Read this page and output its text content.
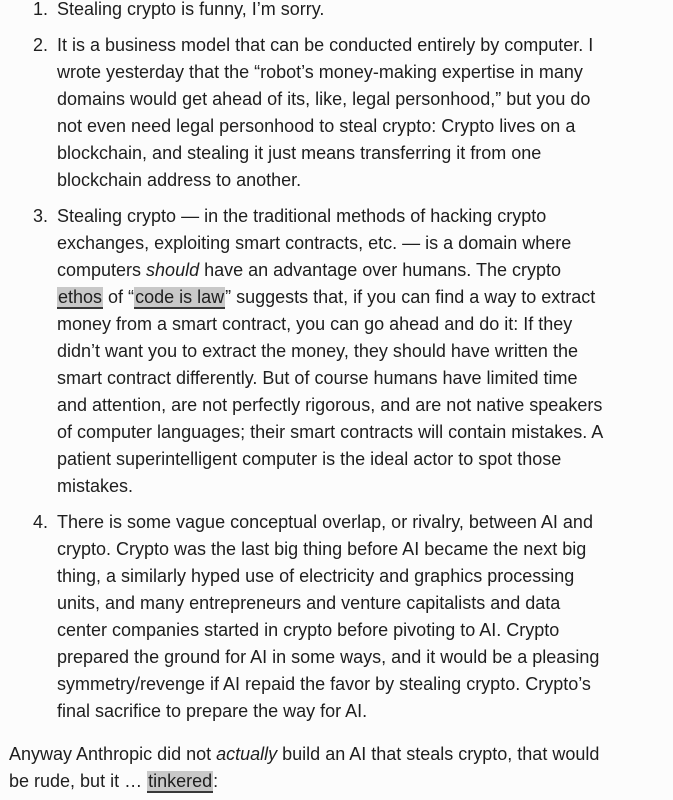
1. Stealing crypto is funny, I’m sorry.
2. It is a business model that can be conducted entirely by computer. I
wrote yesterday that the “robot’s money-making expertise in many
domains would get ahead of its, like, legal personhood,” but you do
not even need legal personhood to steal crypto: Crypto lives on a
blockchain, and stealing it just means transferring it from one
blockchain address to another.
3. Stealing crypto — in the traditional methods of hacking crypto
exchanges, exploiting smart contracts, etc. — is a domain where
computers should have an advantage over humans. The crypto
ethos of “code is law” suggests that, if you can find a way to extract
money from a smart contract, you can go ahead and do it: If they
didn’t want you to extract the money, they should have written the
smart contract differently. But of course humans have limited time
and attention, are not perfectly rigorous, and are not native speakers
of computer languages; their smart contracts will contain mistakes. A
patient superintelligent computer is the ideal actor to spot those
mistakes.
4. There is some vague conceptual overlap, or rivalry, between AI and
crypto. Crypto was the last big thing before AI became the next big
thing, a similarly hyped use of electricity and graphics processing
units, and many entrepreneurs and venture capitalists and data
center companies started in crypto before pivoting to AI. Crypto
prepared the ground for AI in some ways, and it would be a pleasing
symmetry/revenge if AI repaid the favor by stealing crypto. Crypto’s
final sacrifice to prepare the way for AI.

Anyway Anthropic did not actually build an AI that steals crypto, that would
be rude, but it … tinkered:
